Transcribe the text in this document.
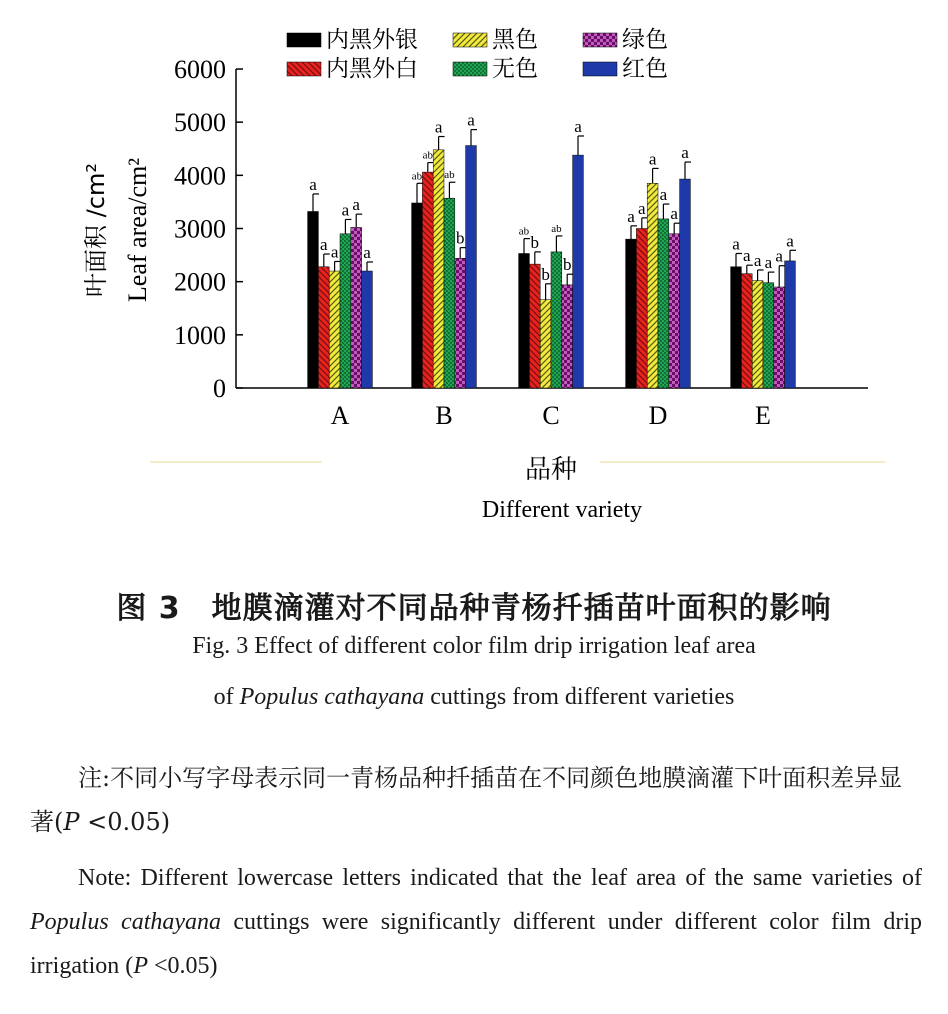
内黑外银
内黑外白
黑色
无色
绿色
红色
0
1000
2000
3000
4000
5000
6000
叶面积 /cm² Leaf area/cm²
品种
Different variety
a
a a
a a
a
ab
ab
a
ab
b
a
ab
b
b
ab
b
a
a a
a
a
a
a
a
a a a a
a
A	B	C	D	E
图 3　地膜滴灌对不同品种青杨扦插苗叶面积的影响
Fig. 3 Effect of different color film drip irrigation leaf area
of Populus cathayana cuttings from different varieties
注:不同小写字母表示同一青杨品种扦插苗在不同颜色地膜滴灌下叶面积差异显著(P <0.05)
Note: Different lowercase letters indicated that the leaf area of the same varieties of Populus cathayana cuttings were significantly different under different color film drip irrigation (P <0.05)
